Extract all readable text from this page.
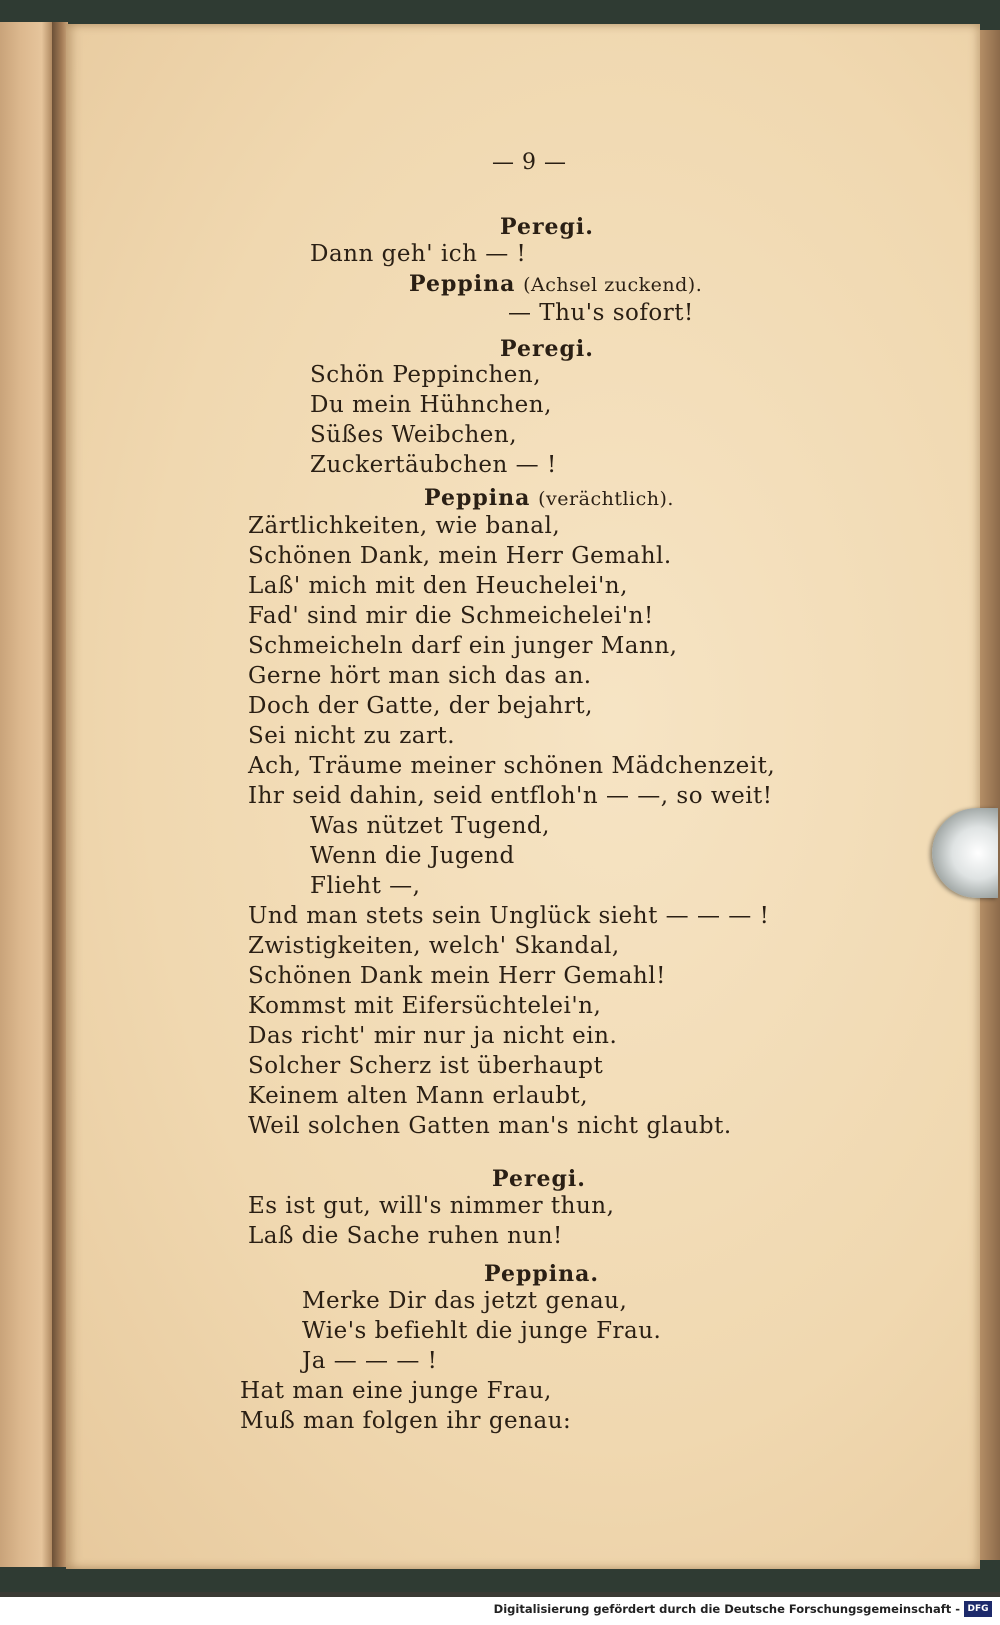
— 9 —
Peregi.
Dann geh' ich — !
Peppina (Achsel zuckend).
— Thu's sofort!
Peregi.
Schön Peppinchen,
Du mein Hühnchen,
Süßes Weibchen,
Zuckertäubchen — !
Peppina (verächtlich).
Zärtlichkeiten, wie banal,
Schönen Dank, mein Herr Gemahl.
Laß' mich mit den Heuchelei'n,
Fad' sind mir die Schmeichelei'n!
Schmeicheln darf ein junger Mann,
Gerne hört man sich das an.
Doch der Gatte, der bejahrt,
Sei nicht zu zart.
Ach, Träume meiner schönen Mädchenzeit,
Ihr seid dahin, seid entfloh'n — —, so weit!
Was nützet Tugend,
Wenn die Jugend
Flieht —,
Und man stets sein Unglück sieht — — — !
Zwistigkeiten, welch' Skandal,
Schönen Dank mein Herr Gemahl!
Kommst mit Eifersüchtelei'n,
Das richt' mir nur ja nicht ein.
Solcher Scherz ist überhaupt
Keinem alten Mann erlaubt,
Weil solchen Gatten man's nicht glaubt.
Peregi.
Es ist gut, will's nimmer thun,
Laß die Sache ruhen nun!
Peppina.
Merke Dir das jetzt genau,
Wie's befiehlt die junge Frau.
Ja — — — !
Hat man eine junge Frau,
Muß man folgen ihr genau:
Digitalisierung gefördert durch die Deutsche Forschungsgemeinschaft - DFG
